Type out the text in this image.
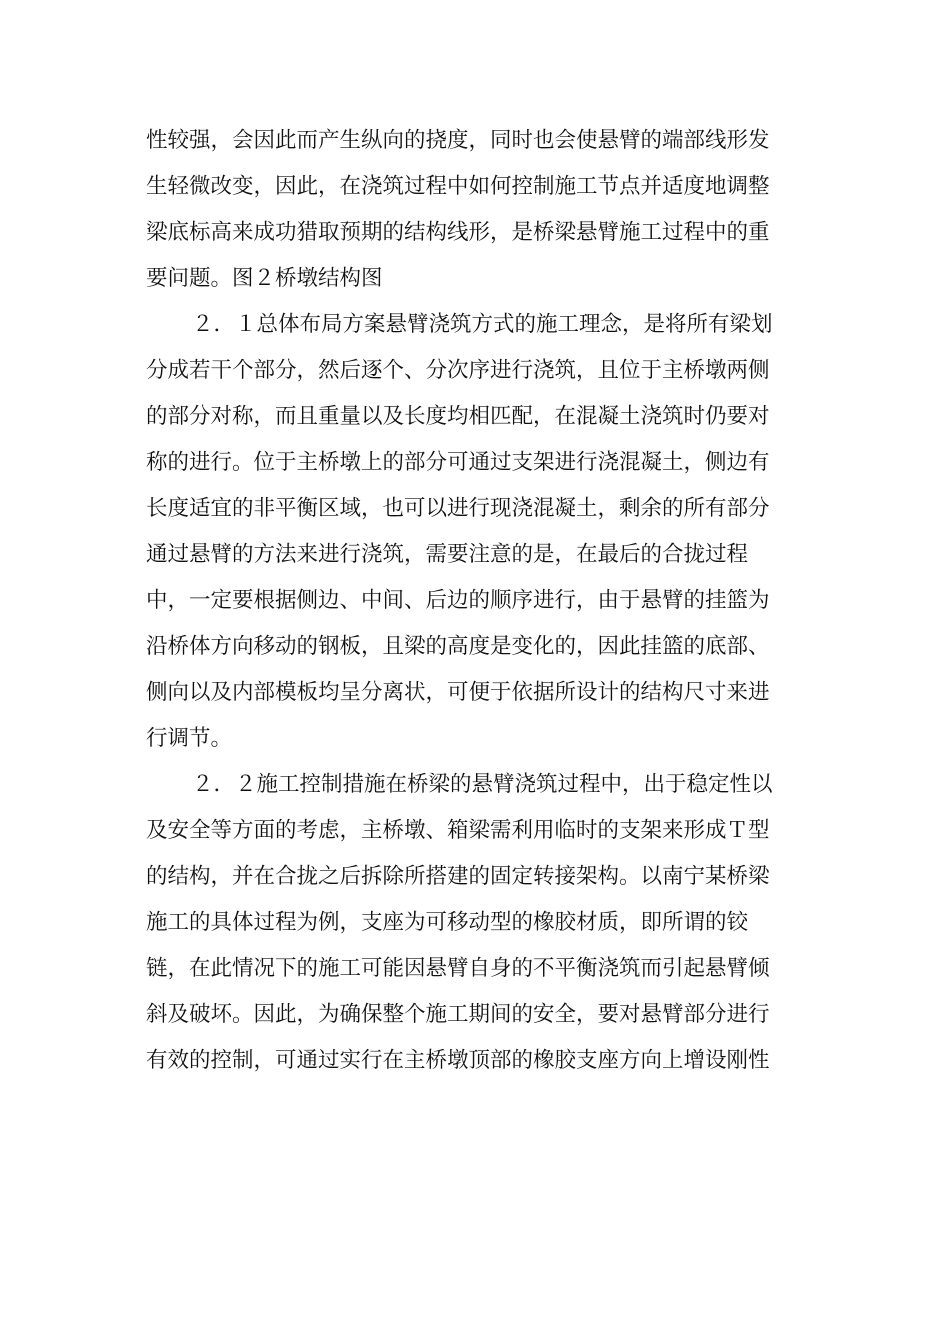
性较强，会因此而产生纵向的挠度，同时也会使悬臂的端部线形发
生轻微改变，因此，在浇筑过程中如何控制施工节点并适度地调整
梁底标高来成功猎取预期的结构线形，是桥梁悬臂施工过程中的重
要问题。图２桥墩结构图
２．１总体布局方案悬臂浇筑方式的施工理念，是将所有梁划
分成若干个部分，然后逐个、分次序进行浇筑，且位于主桥墩两侧
的部分对称，而且重量以及长度均相匹配，在混凝土浇筑时仍要对
称的进行。位于主桥墩上的部分可通过支架进行浇混凝土，侧边有
长度适宜的非平衡区域，也可以进行现浇混凝土，剩余的所有部分
通过悬臂的方法来进行浇筑，需要注意的是，在最后的合拢过程
中，一定要根据侧边、中间、后边的顺序进行，由于悬臂的挂篮为
沿桥体方向移动的钢板，且梁的高度是变化的，因此挂篮的底部、
侧向以及内部模板均呈分离状，可便于依据所设计的结构尺寸来进
行调节。
２．２施工控制措施在桥梁的悬臂浇筑过程中，出于稳定性以
及安全等方面的考虑，主桥墩、箱梁需利用临时的支架来形成Ｔ型
的结构，并在合拢之后拆除所搭建的固定转接架构。以南宁某桥梁
施工的具体过程为例，支座为可移动型的橡胶材质，即所谓的铰
链，在此情况下的施工可能因悬臂自身的不平衡浇筑而引起悬臂倾
斜及破坏。因此，为确保整个施工期间的安全，要对悬臂部分进行
有效的控制，可通过实行在主桥墩顶部的橡胶支座方向上增设刚性
